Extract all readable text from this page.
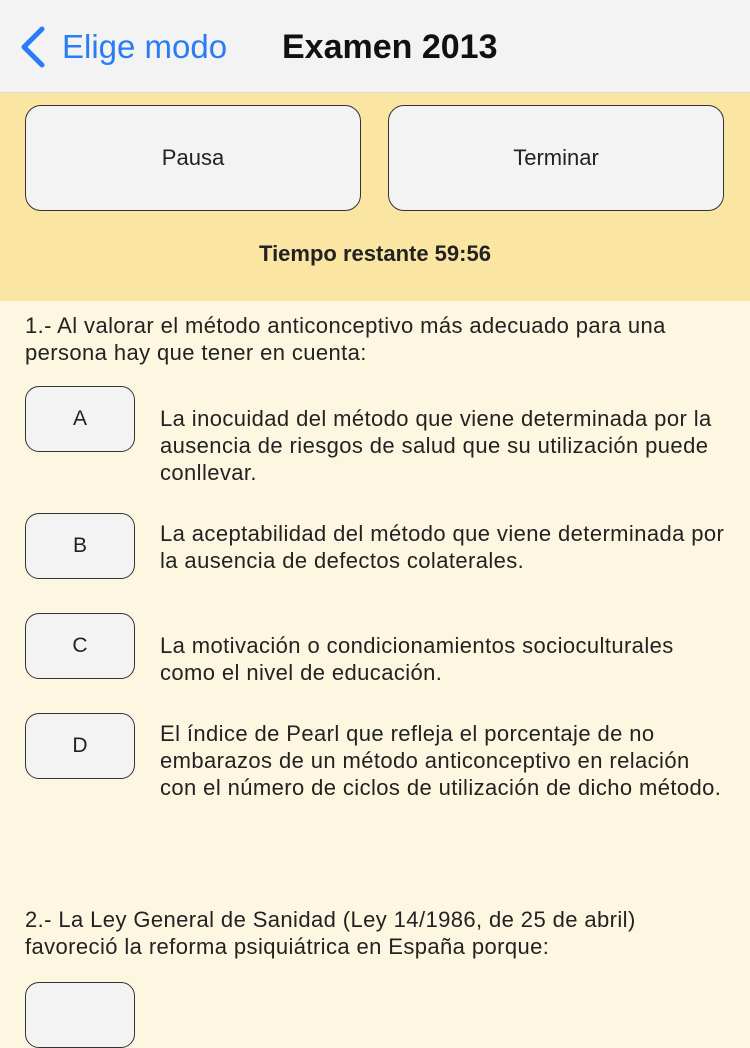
Elige modo Examen 2013
Pausa	Terminar
Tiempo restante 59:56
1.- Al valorar el método anticonceptivo más adecuado para una persona hay que tener en cuenta:
A	La inocuidad del método que viene determinada por la ausencia de riesgos de salud que su utilización puede conllevar.
B	La aceptabilidad del método que viene determinada por la ausencia de defectos colaterales.
C	La motivación o condicionamientos socioculturales como el nivel de educación.
D	El índice de Pearl que refleja el porcentaje de no embarazos de un método anticonceptivo en relación con el número de ciclos de utilización de dicho método.
2.- La Ley General de Sanidad (Ley 14/1986, de 25 de abril) favoreció la reforma psiquiátrica en España porque:
